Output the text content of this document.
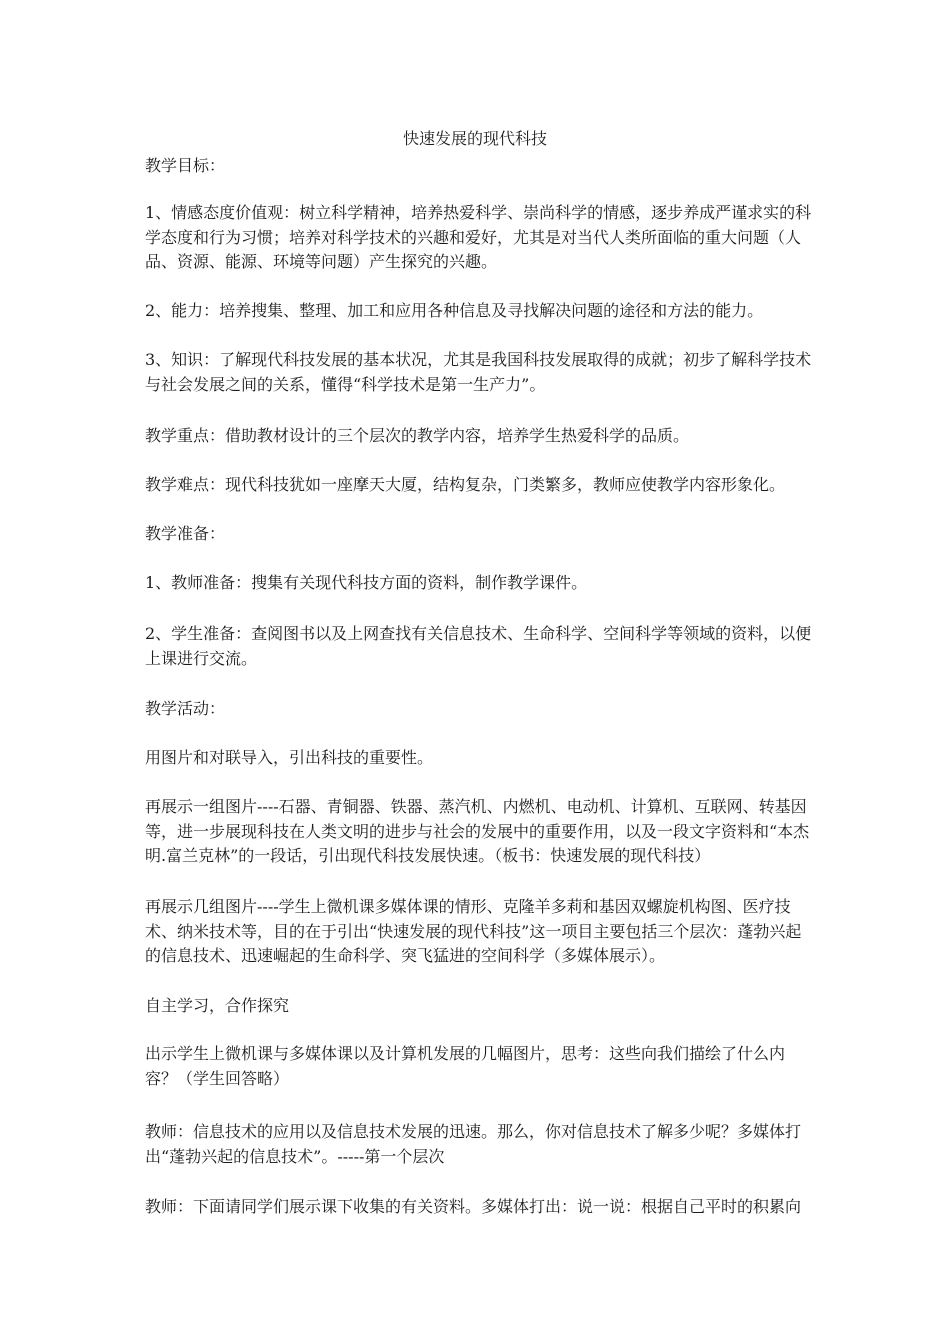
快速发展的现代科技

教学目标：

1、情感态度价值观：树立科学精神，培养热爱科学、崇尚科学的情感，逐步养成严谨求实的科学态度和行为习惯；培养对科学技术的兴趣和爱好，尤其是对当代人类所面临的重大问题（人品、资源、能源、环境等问题）产生探究的兴趣。

2、能力：培养搜集、整理、加工和应用各种信息及寻找解决问题的途径和方法的能力。

3、知识：了解现代科技发展的基本状况，尤其是我国科技发展取得的成就；初步了解科学技术与社会发展之间的关系，懂得“科学技术是第一生产力”。

教学重点：借助教材设计的三个层次的教学内容，培养学生热爱科学的品质。

教学难点：现代科技犹如一座摩天大厦，结构复杂，门类繁多，教师应使教学内容形象化。

教学准备：

1、教师准备：搜集有关现代科技方面的资料，制作教学课件。

2、学生准备：查阅图书以及上网查找有关信息技术、生命科学、空间科学等领域的资料，以便上课进行交流。

教学活动：

用图片和对联导入，引出科技的重要性。

再展示一组图片----石器、青铜器、铁器、蒸汽机、内燃机、电动机、计算机、互联网、转基因等，进一步展现科技在人类文明的进步与社会的发展中的重要作用，以及一段文字资料和“本杰明.富兰克林”的一段话，引出现代科技发展快速。（板书：快速发展的现代科技）

再展示几组图片----学生上微机课多媒体课的情形、克隆羊多莉和基因双螺旋机构图、医疗技术、纳米技术等，目的在于引出“快速发展的现代科技”这一项目主要包括三个层次：蓬勃兴起的信息技术、迅速崛起的生命科学、突飞猛进的空间科学（多媒体展示）。

自主学习，合作探究

出示学生上微机课与多媒体课以及计算机发展的几幅图片，思考：这些向我们描绘了什么内容？（学生回答略）

教师：信息技术的应用以及信息技术发展的迅速。那么，你对信息技术了解多少呢？多媒体打出“蓬勃兴起的信息技术”。-----第一个层次

教师：下面请同学们展示课下收集的有关资料。多媒体打出：说一说：根据自己平时的积累向
